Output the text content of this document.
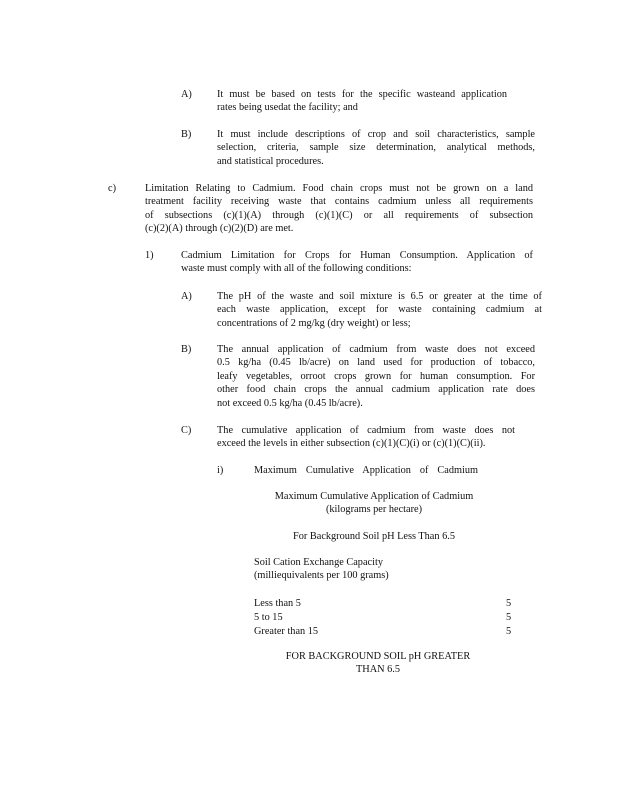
A) It must be based on tests for the specific wasteand application
rates being usedat the facility; and
B) It must include descriptions of crop and soil characteristics, sample
selection, criteria, sample size determination, analytical methods,
and statistical procedures.
c)	Limitation Relating to Cadmium. Food chain crops must not be grown on a land
treatment facility receiving waste that contains cadmium unless all requirements
of subsections (c)(1)(A) through (c)(1)(C) or all requirements of subsection
(c)(2)(A) through (c)(2)(D) are met.
1)	Cadmium Limitation for Crops for Human Consumption. Application of
waste must comply with all of the following conditions:
A) The pH of the waste and soil mixture is 6.5 or greater at the time of
each waste application, except for waste containing cadmium at
concentrations of 2 mg/kg (dry weight) or less;
B) The annual application of cadmium from waste does not exceed
0.5 kg/ha (0.45 lb/acre) on land used for production of tobacco,
leafy vegetables, orroot crops grown for human consumption. For
other food chain crops the annual cadmium application rate does
not exceed 0.5 kg/ha (0.45 lb/acre).
C) The cumulative application of cadmium from waste does not
exceed the levels in either subsection (c)(1)(C)(i) or (c)(1)(C)(ii).
i)	Maximum Cumulative Application of Cadmium
Maximum Cumulative Application of Cadmium
(kilograms per hectare)
For Background Soil pH Less Than 6.5
Soil Cation Exchange Capacity
(milliequivalents per 100 grams)
Less than 5	5
5 to 15	5
Greater than 15	5
FOR BACKGROUND SOIL pH GREATER
THAN 6.5
